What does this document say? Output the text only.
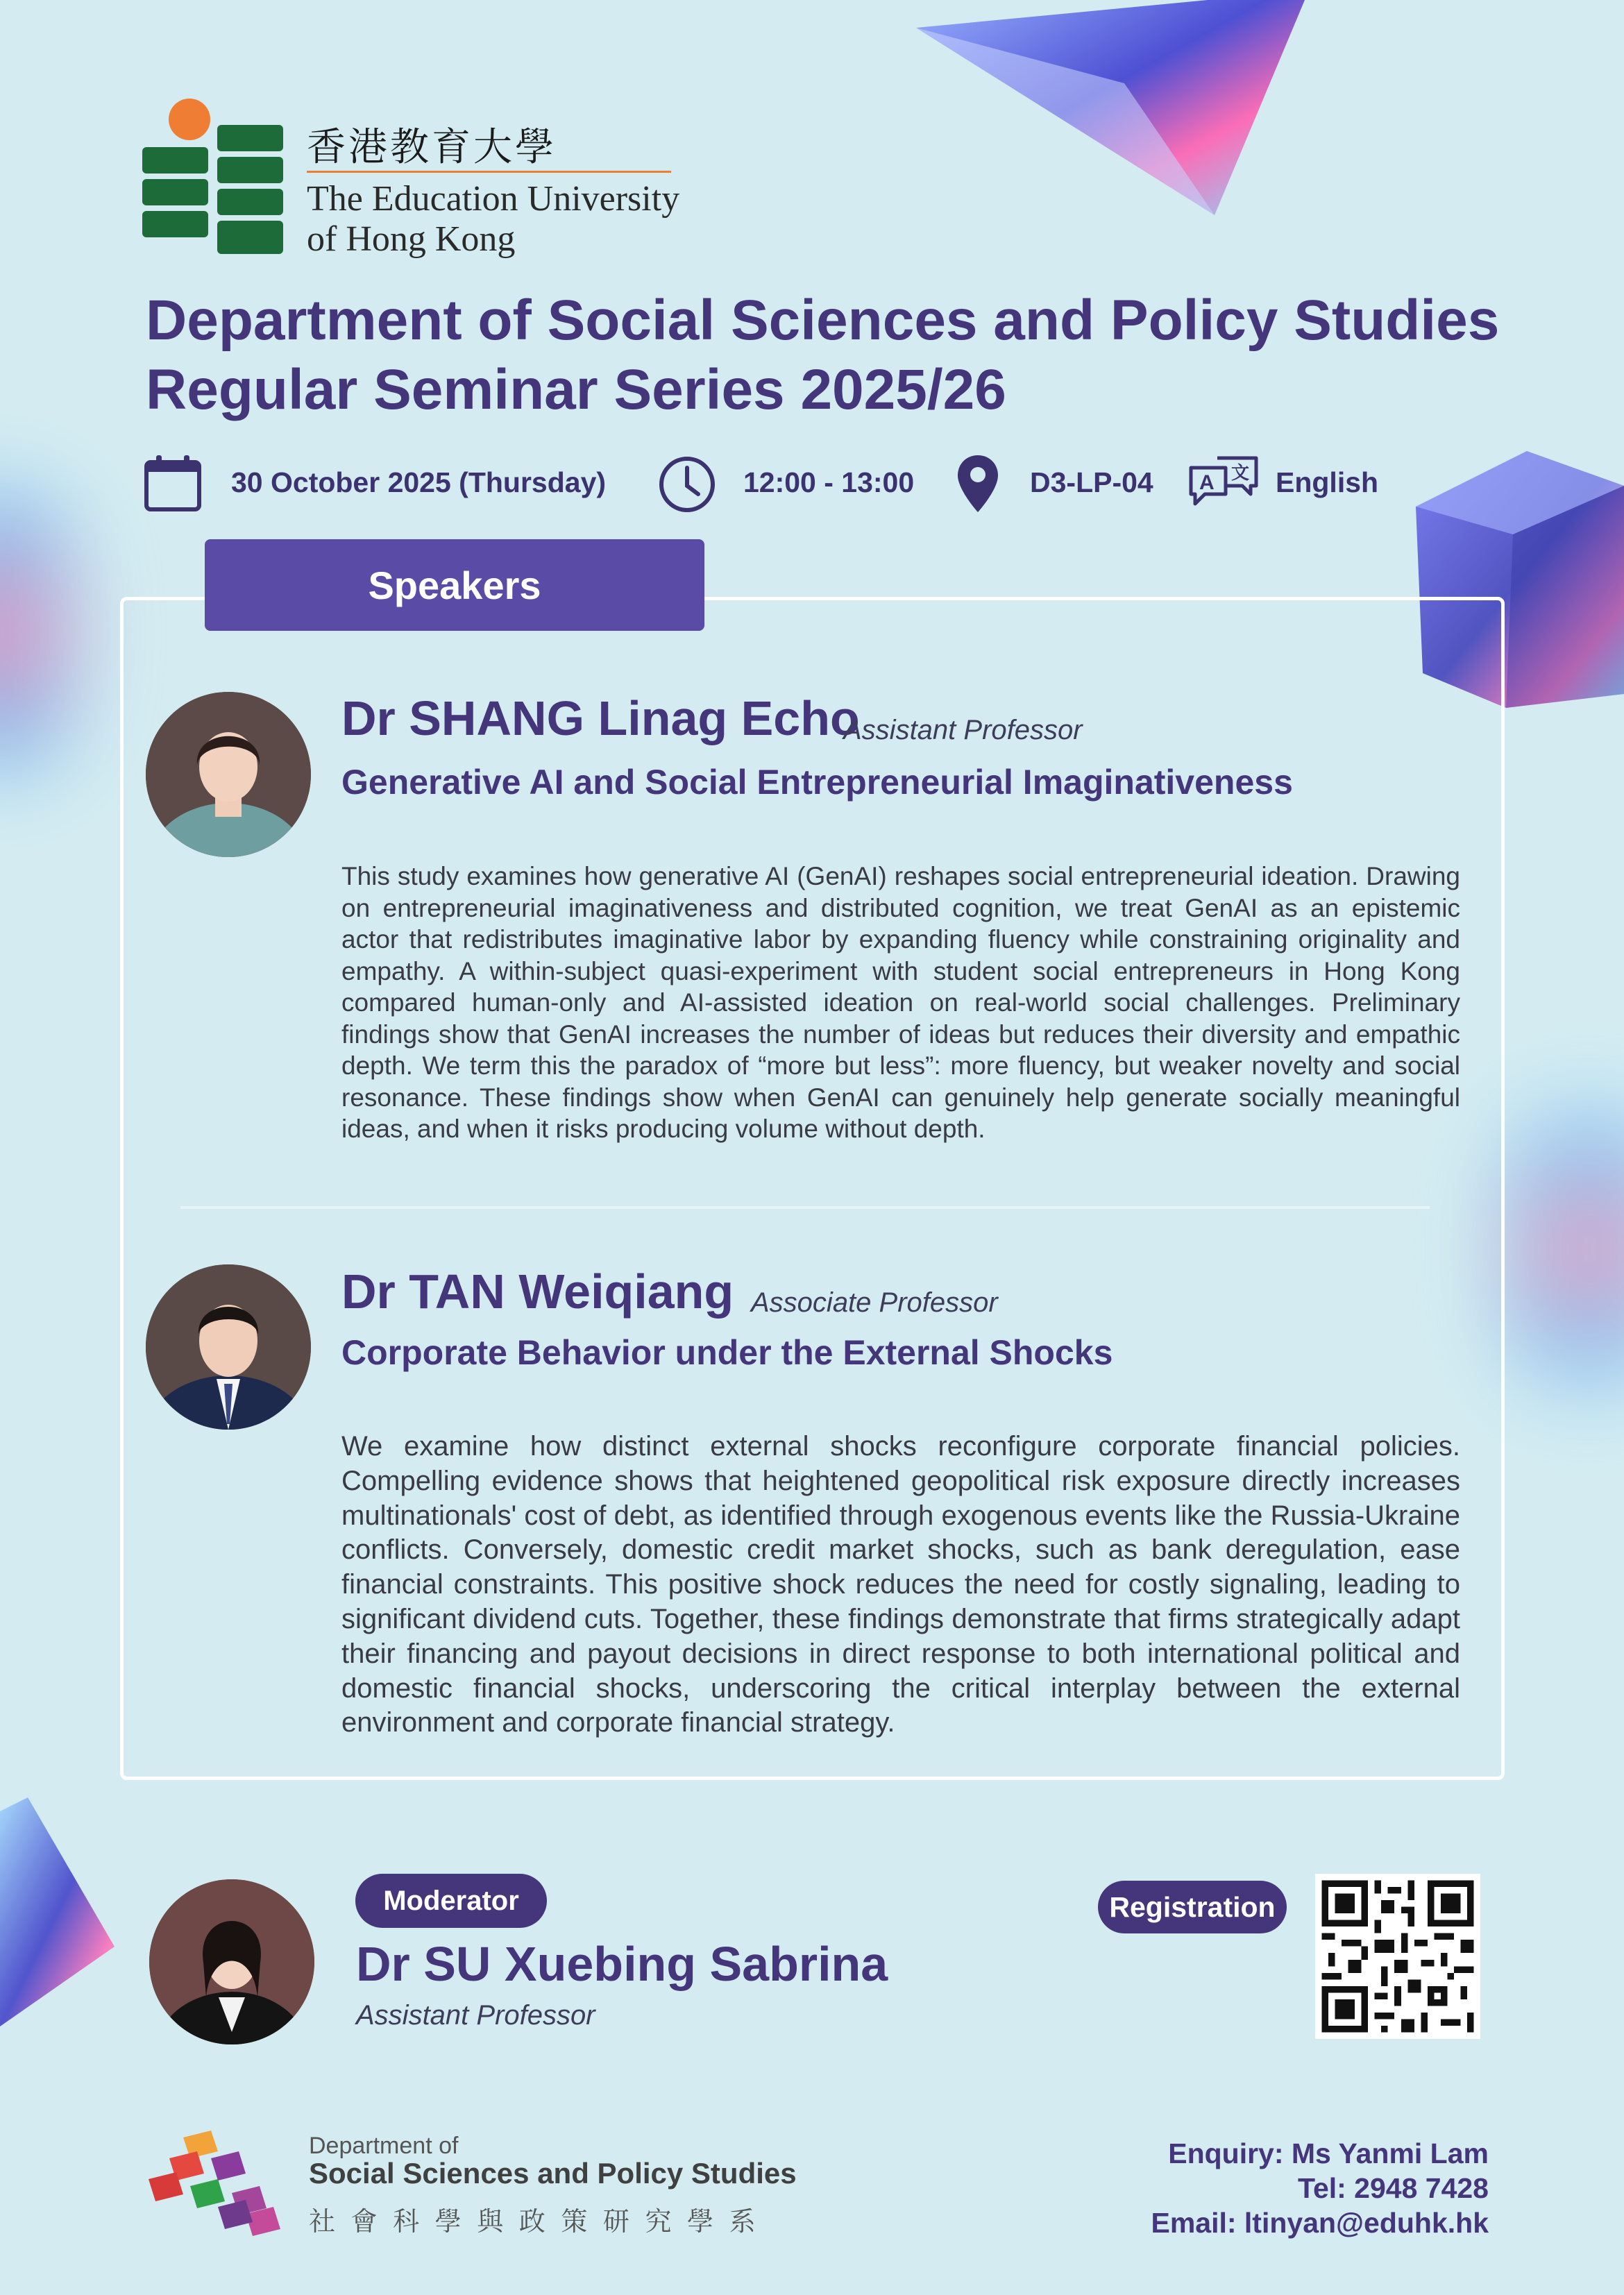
香港教育大學
The Education University
of Hong Kong
Department of Social Sciences and Policy Studies
Regular Seminar Series 2025/26
30 October 2025 (Thursday)	12:00 - 13:00	D3-LP-04 A 文 English
Speakers
Dr SHANG Linag Echo
Assistant Professor
Generative AI and Social Entrepreneurial Imaginativeness
This study examines how generative AI (GenAI) reshapes social entrepreneurial ideation. Drawing on entrepreneurial imaginativeness and distributed cognition, we treat GenAI as an epistemic actor that redistributes imaginative labor by expanding fluency while constraining originality and empathy. A within-subject quasi-experiment with student social entrepreneurs in Hong Kong compared human-only and AI-assisted ideation on real-world social challenges. Preliminary findings show that GenAI increases the number of ideas but reduces their diversity and empathic depth. We term this the paradox of “more but less”: more fluency, but weaker novelty and social resonance. These findings show when GenAI can genuinely help generate socially meaningful ideas, and when it risks producing volume without depth.
Dr TAN Weiqiang Associate Professor
Corporate Behavior under the External Shocks
We examine how distinct external shocks reconfigure corporate financial policies. Compelling evidence shows that heightened geopolitical risk exposure directly increases multinationals' cost of debt, as identified through exogenous events like the Russia-Ukraine conflicts. Conversely, domestic credit market shocks, such as bank deregulation, ease financial constraints. This positive shock reduces the need for costly signaling, leading to significant dividend cuts. Together, these findings demonstrate that firms strategically adapt their financing and payout decisions in direct response to both international political and domestic financial shocks, underscoring the critical interplay between the external environment and corporate financial strategy.
Moderator
Dr SU Xuebing Sabrina
Assistant Professor
Registration
Department of
Social Sciences and Policy Studies
社 會 科 學 與 政 策 研 究 學 系
Enquiry: Ms Yanmi Lam
Tel: 2948 7428
Email: ltinyan@eduhk.hk
